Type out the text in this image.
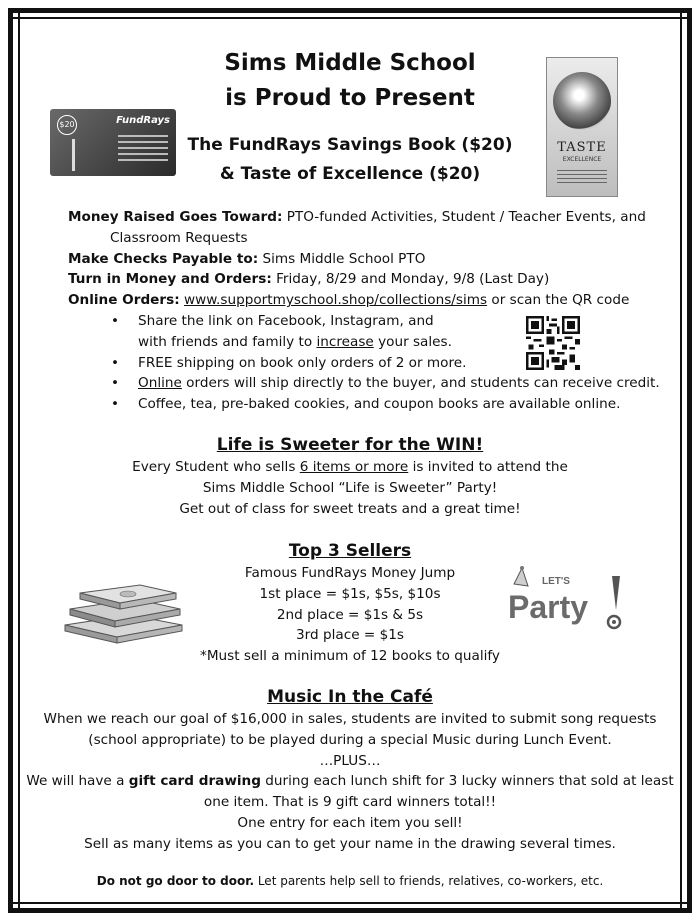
Sims Middle School
is Proud to Present
The FundRays Savings Book ($20)
& Taste of Excellence ($20)
Money Raised Goes Toward: PTO-funded Activities, Student / Teacher Events, and
Classroom Requests
Make Checks Payable to: Sims Middle School PTO
Turn in Money and Orders: Friday, 8/29 and Monday, 9/8 (Last Day)
Online Orders: www.supportmyschool.shop/collections/sims or scan the QR code
• Share the link on Facebook, Instagram, and
with friends and family to increase your sales.
• FREE shipping on book only orders of 2 or more.
• Online orders will ship directly to the buyer, and students can receive credit.
• Coffee, tea, pre-baked cookies, and coupon books are available online.
Life is Sweeter for the WIN!
Every Student who sells 6 items or more is invited to attend the
Sims Middle School “Life is Sweeter” Party!
Get out of class for sweet treats and a great time!
Top 3 Sellers
Famous FundRays Money Jump
1st place = $1s, $5s, $10s
2nd place = $1s & 5s
3rd place = $1s
*Must sell a minimum of 12 books to qualify
Music In the Café
When we reach our goal of $16,000 in sales, students are invited to submit song requests
(school appropriate) to be played during a special Music during Lunch Event.
…PLUS…
We will have a gift card drawing during each lunch shift for 3 lucky winners that sold at least
one item. That is 9 gift card winners total!!
One entry for each item you sell!
Sell as many items as you can to get your name in the drawing several times.
Do not go door to door. Let parents help sell to friends, relatives, co-workers, etc.
$20	FundRays
TASTE
EXCELLENCE
LET'S
Party
